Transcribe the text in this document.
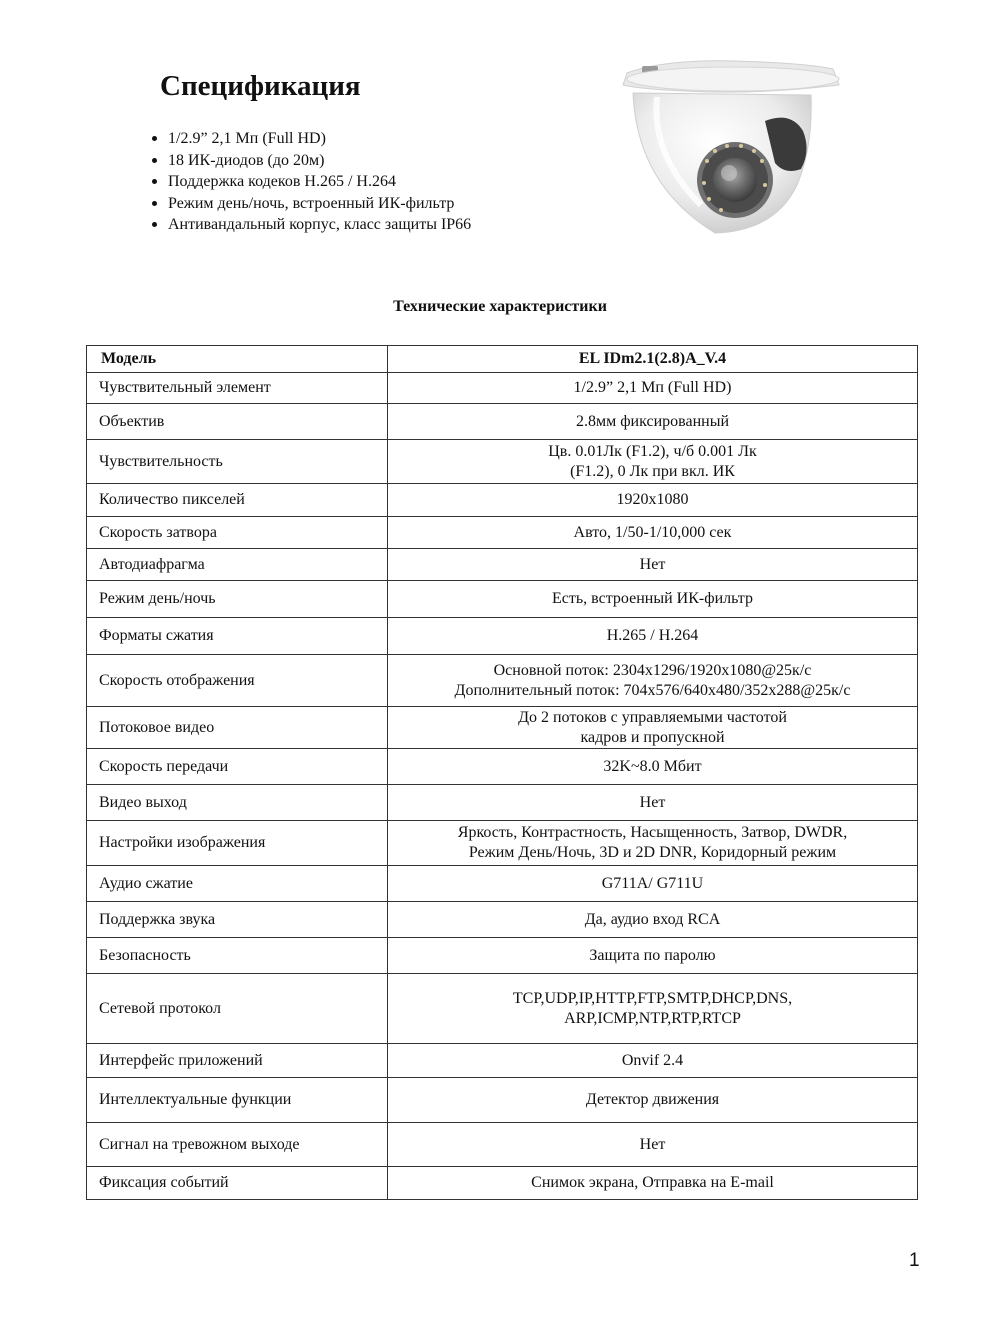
Спецификация
1/2.9” 2,1 Мп (Full HD)
18 ИК-диодов (до 20м)
Поддержка кодеков H.265 / H.264
Режим день/ночь, встроенный ИК-фильтр
Антивандальный корпус, класс защиты IP66
Технические характеристики
Модель	EL IDm2.1(2.8)A_V.4
Чувствительный элемент	1/2.9” 2,1 Мп (Full HD)
Объектив	2.8мм фиксированный
Чувствительность	Цв. 0.01Лк (F1.2), ч/б 0.001 Лк
(F1.2), 0 Лк при вкл. ИК
Количество пикселей	1920x1080
Скорость затвора	Авто, 1/50-1/10,000 сек
Автодиафрагма	Нет
Режим день/ночь	Есть, встроенный ИК-фильтр
Форматы сжатия	H.265 / H.264
Скорость отображения	Основной поток: 2304x1296/1920x1080@25к/с
Дополнительный поток: 704x576/640x480/352x288@25к/с
Потоковое видео	До 2 потоков с управляемыми частотой
кадров и пропускной
Скорость передачи	32K~8.0 Мбит
Видео выход	Нет
Настройки изображения	Яркость, Контрастность, Насыщенность, Затвор, DWDR,
Режим День/Ночь, 3D и 2D DNR, Коридорный режим
Аудио сжатие	G711A/ G711U
Поддержка звука	Да, аудио вход RCA
Безопасность	Защита по паролю
Сетевой протокол	TCP,UDP,IP,HTTP,FTP,SMTP,DHCP,DNS,
ARP,ICMP,NTP,RTP,RTCP
Интерфейс приложений	Onvif 2.4
Интеллектуальные функции	Детектор движения
Сигнал на тревожном выходе	Нет
Фиксация событий	Снимок экрана, Отправка на E-mail
1
